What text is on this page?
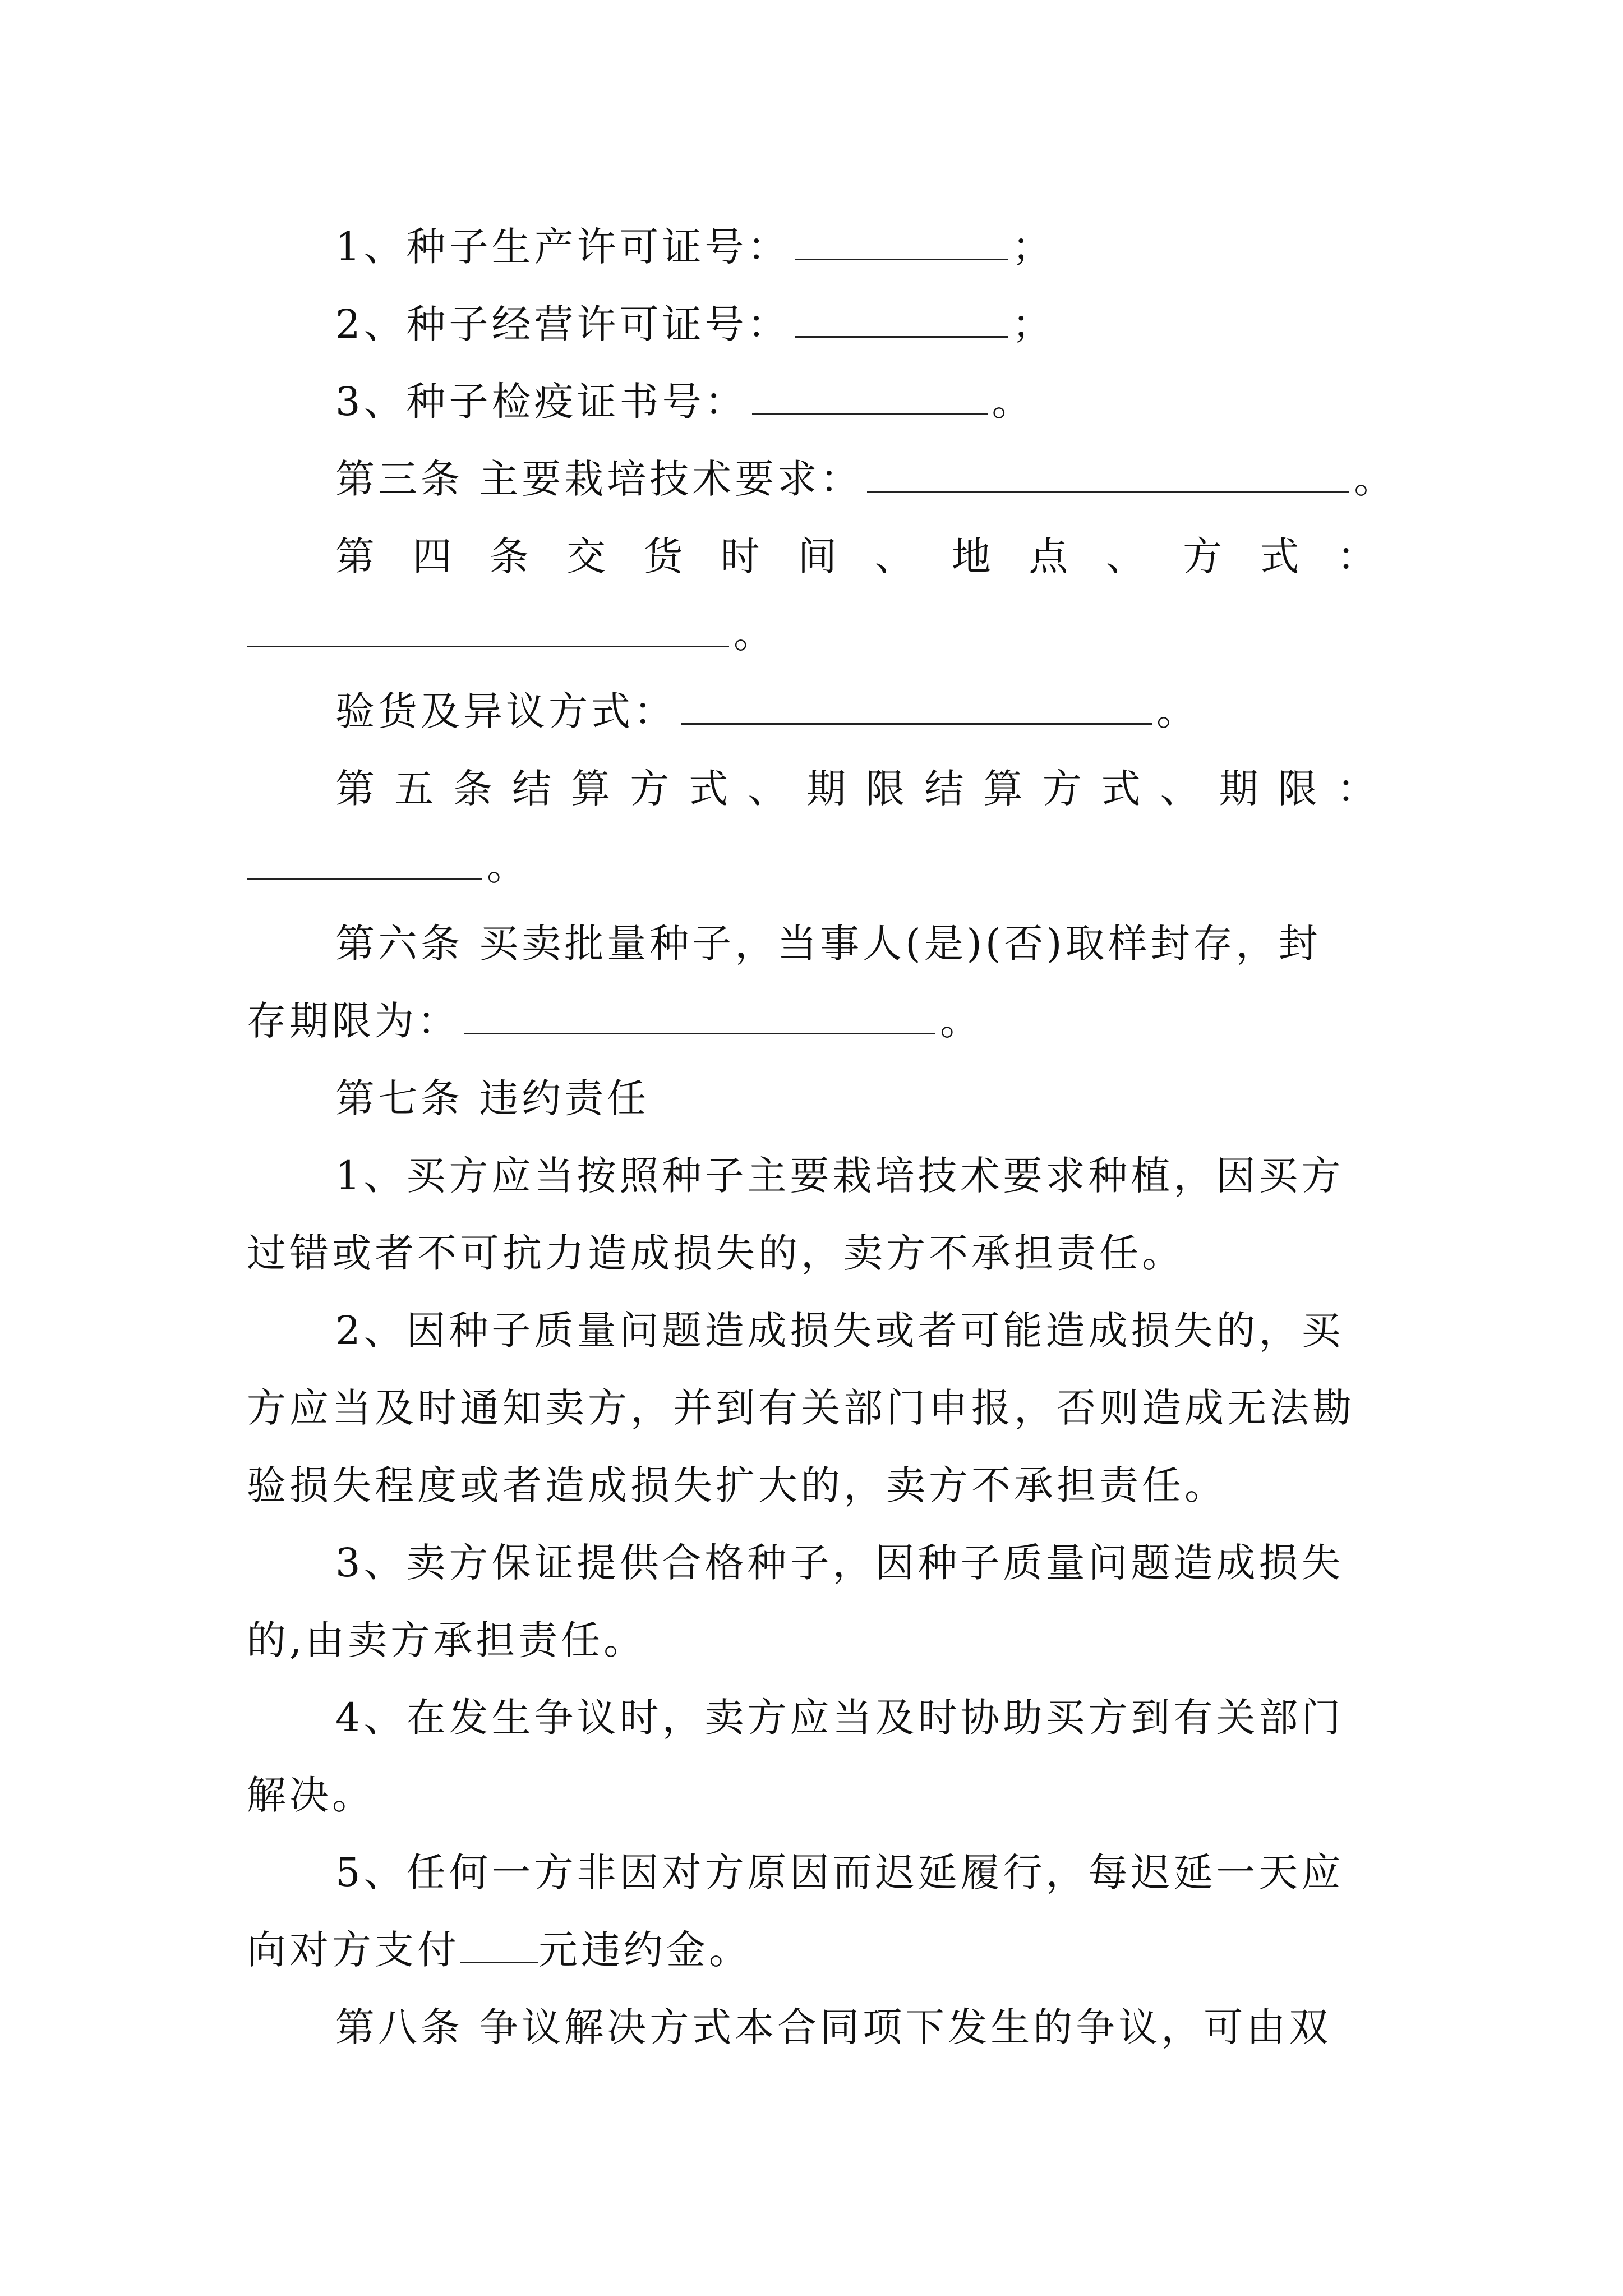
1、种子生产许可证号：	；
2、种子经营许可证号：	；
3、种子检疫证书号：	。
第三条 主要栽培技术要求：	。
第 四 条 交 货 时 间 、 地 点 、 方 式 ：
。
验货及异议方式：	。
第 五 条 结 算 方 式 、 期 限 结 算 方 式 、 期 限 ：
。
第六条 买卖批量种子，当事人(是)(否)取样封存，封
存期限为：	。
第七条 违约责任
1、买方应当按照种子主要栽培技术要求种植，因买方
过错或者不可抗力造成损失的，卖方不承担责任。
2、因种子质量问题造成损失或者可能造成损失的，买
方应当及时通知卖方，并到有关部门申报，否则造成无法勘
验损失程度或者造成损失扩大的，卖方不承担责任。
3、卖方保证提供合格种子，因种子质量问题造成损失
的,由卖方承担责任。
4、在发生争议时，卖方应当及时协助买方到有关部门
解决。
5、任何一方非因对方原因而迟延履行，每迟延一天应
向对方支付 元违约金。
第八条 争议解决方式本合同项下发生的争议，可由双
